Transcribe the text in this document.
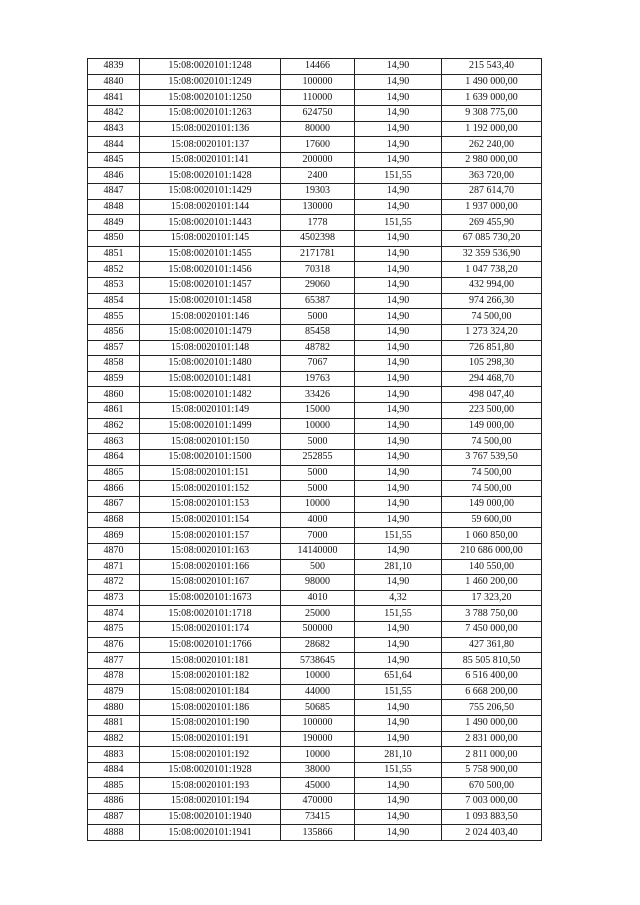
4839	15:08:0020101:1248	14466	14,90	215 543,40
4840	15:08:0020101:1249	100000	14,90	1 490 000,00
4841	15:08:0020101:1250	110000	14,90	1 639 000,00
4842	15:08:0020101:1263	624750	14,90	9 308 775,00
4843	15:08:0020101:136	80000	14,90	1 192 000,00
4844	15:08:0020101:137	17600	14,90	262 240,00
4845	15:08:0020101:141	200000	14,90	2 980 000,00
4846	15:08:0020101:1428	2400	151,55	363 720,00
4847	15:08:0020101:1429	19303	14,90	287 614,70
4848	15:08:0020101:144	130000	14,90	1 937 000,00
4849	15:08:0020101:1443	1778	151,55	269 455,90
4850	15:08:0020101:145	4502398	14,90	67 085 730,20
4851	15:08:0020101:1455	2171781	14,90	32 359 536,90
4852	15:08:0020101:1456	70318	14,90	1 047 738,20
4853	15:08:0020101:1457	29060	14,90	432 994,00
4854	15:08:0020101:1458	65387	14,90	974 266,30
4855	15:08:0020101:146	5000	14,90	74 500,00
4856	15:08:0020101:1479	85458	14,90	1 273 324,20
4857	15:08:0020101:148	48782	14,90	726 851,80
4858	15:08:0020101:1480	7067	14,90	105 298,30
4859	15:08:0020101:1481	19763	14,90	294 468,70
4860	15:08:0020101:1482	33426	14,90	498 047,40
4861	15:08:0020101:149	15000	14,90	223 500,00
4862	15:08:0020101:1499	10000	14,90	149 000,00
4863	15:08:0020101:150	5000	14,90	74 500,00
4864	15:08:0020101:1500	252855	14,90	3 767 539,50
4865	15:08:0020101:151	5000	14,90	74 500,00
4866	15:08:0020101:152	5000	14,90	74 500,00
4867	15:08:0020101:153	10000	14,90	149 000,00
4868	15:08:0020101:154	4000	14,90	59 600,00
4869	15:08:0020101:157	7000	151,55	1 060 850,00
4870	15:08:0020101:163	14140000	14,90	210 686 000,00
4871	15:08:0020101:166	500	281,10	140 550,00
4872	15:08:0020101:167	98000	14,90	1 460 200,00
4873	15:08:0020101:1673	4010	4,32	17 323,20
4874	15:08:0020101:1718	25000	151,55	3 788 750,00
4875	15:08:0020101:174	500000	14,90	7 450 000,00
4876	15:08:0020101:1766	28682	14,90	427 361,80
4877	15:08:0020101:181	5738645	14,90	85 505 810,50
4878	15:08:0020101:182	10000	651,64	6 516 400,00
4879	15:08:0020101:184	44000	151,55	6 668 200,00
4880	15:08:0020101:186	50685	14,90	755 206,50
4881	15:08:0020101:190	100000	14,90	1 490 000,00
4882	15:08:0020101:191	190000	14,90	2 831 000,00
4883	15:08:0020101:192	10000	281,10	2 811 000,00
4884	15:08:0020101:1928	38000	151,55	5 758 900,00
4885	15:08:0020101:193	45000	14,90	670 500,00
4886	15:08:0020101:194	470000	14,90	7 003 000,00
4887	15:08:0020101:1940	73415	14,90	1 093 883,50
4888	15:08:0020101:1941	135866	14,90	2 024 403,40
